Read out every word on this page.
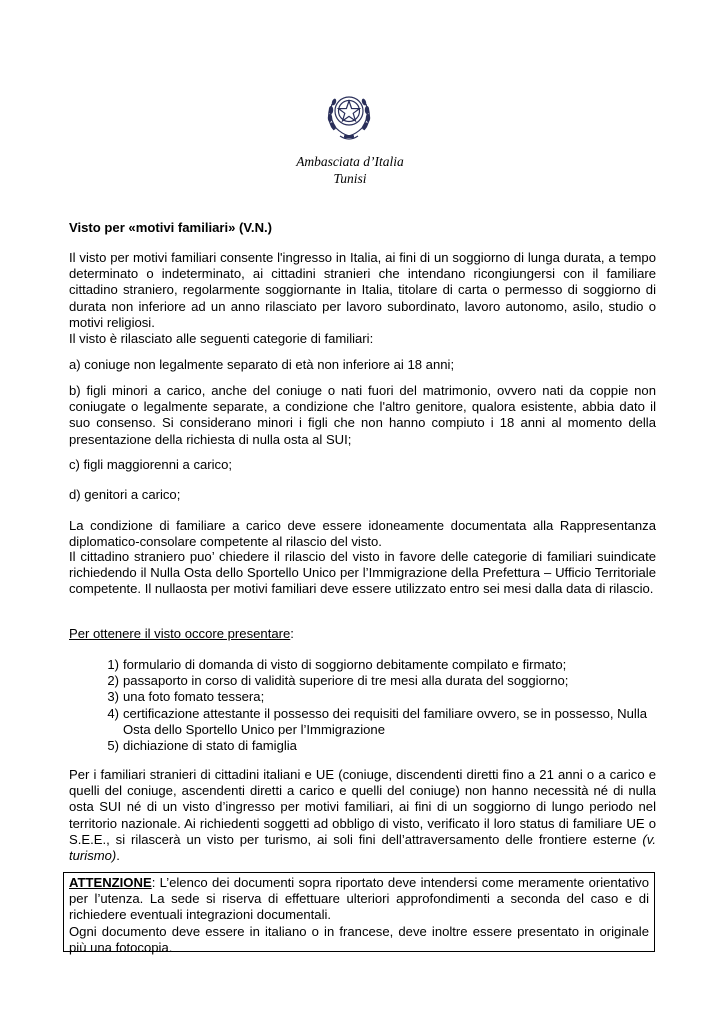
Ambasciata d’Italia
Tunisi
Visto per «motivi familiari» (V.N.)
Il visto per motivi familiari consente l'ingresso in Italia, ai fini di un soggiorno di lunga durata, a tempo determinato o indeterminato, ai cittadini stranieri che intendano ricongiungersi con il familiare cittadino straniero, regolarmente soggiornante in Italia, titolare di carta o permesso di soggiorno di durata non inferiore ad un anno rilasciato per lavoro subordinato, lavoro autonomo, asilo, studio o motivi religiosi.
Il visto è rilasciato alle seguenti categorie di familiari:
a) coniuge non legalmente separato di età non inferiore ai 18 anni;
b) figli minori a carico, anche del coniuge o nati fuori del matrimonio, ovvero nati da coppie non coniugate o legalmente separate, a condizione che l'altro genitore, qualora esistente, abbia dato il suo consenso. Si considerano minori i figli che non hanno compiuto i 18 anni al momento della presentazione della richiesta di nulla osta al SUI;
c) figli maggiorenni a carico;
d) genitori a carico;
La condizione di familiare a carico deve essere idoneamente documentata alla Rappresentanza diplomatico-consolare competente al rilascio del visto.
Il cittadino straniero puo’ chiedere il rilascio del visto in favore delle categorie di familiari suindicate richiedendo il Nulla Osta dello Sportello Unico per l’Immigrazione della Prefettura – Ufficio Territoriale competente. Il nullaosta per motivi familiari deve essere utilizzato entro sei mesi dalla data di rilascio.
Per ottenere il visto occore presentare:
1) formulario di domanda di visto di soggiorno debitamente compilato e firmato;
2) passaporto in corso di validità superiore di tre mesi alla durata del soggiorno;
3) una foto fomato tessera;
4) certificazione attestante il possesso dei requisiti del familiare ovvero, se in possesso, Nulla Osta dello Sportello Unico per l’Immigrazione
5) dichiazione di stato di famiglia
Per i familiari stranieri di cittadini italiani e UE (coniuge, discendenti diretti fino a 21 anni o a carico e quelli del coniuge, ascendenti diretti a carico e quelli del coniuge) non hanno necessità né di nulla osta SUI né di un visto d’ingresso per motivi familiari, ai fini di un soggiorno di lungo periodo nel territorio nazionale. Ai richiedenti soggetti ad obbligo di visto, verificato il loro status di familiare UE o S.E.E., si rilascerà un visto per turismo, ai soli fini dell’attraversamento delle frontiere esterne (v. turismo).
ATTENZIONE: L’elenco dei documenti sopra riportato deve intendersi come meramente orientativo per l’utenza. La sede si riserva di effettuare ulteriori approfondimenti a seconda del caso e di richiedere eventuali integrazioni documentali.
Ogni documento deve essere in italiano o in francese, deve inoltre essere presentato in originale più una fotocopia.
